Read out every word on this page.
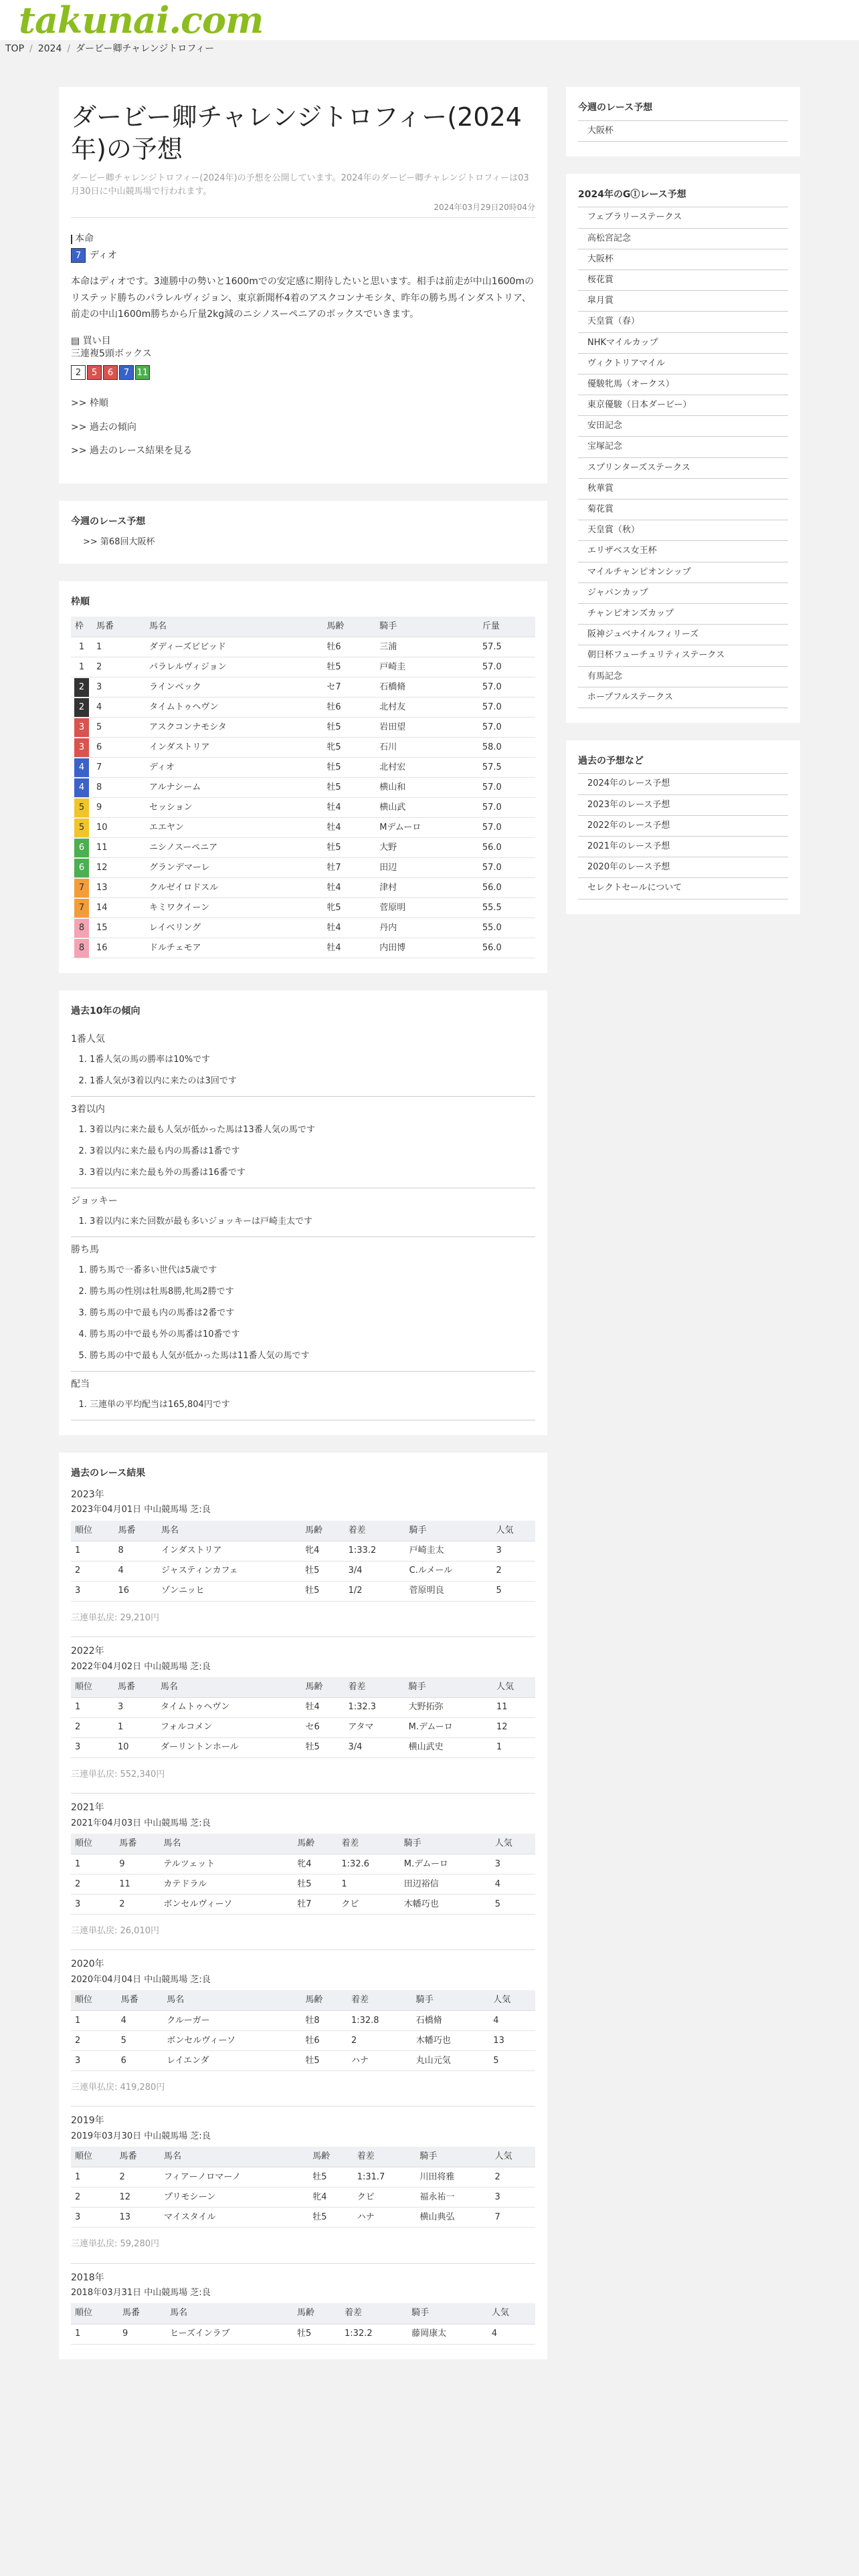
takunai.com
TOP / 2024 / ダービー卿チャレンジトロフィー
ダービー卿チャレンジトロフィー(2024年)の予想
ダービー卿チャレンジトロフィー(2024年)の予想を公開しています。2024年のダービー卿チャレンジトロフィーは03月30日に中山競馬場で行われます。
2024年03月29日20時04分
本命
7 ディオ
本命はディオです。3連勝中の勢いと1600mでの安定感に期待したいと思います。相手は前走が中山1600mのリステッド勝ちのパラレルヴィジョン、東京新聞杯4着のアスクコンナモシタ、昨年の勝ち馬インダストリア、前走の中山1600m勝ちから斤量2kg減のニシノスーペニアのボックスでいきます。
▤ 買い目
三連複5頭ボックス
2	5	6	7 11
>> 枠順
>> 過去の傾向
>> 過去のレース結果を見る
今週のレース予想
>> 第68回大阪杯
枠順
枠	馬番	馬名	馬齢	騎手	斤量
1	1	ダディーズビビッド	牡6	三浦	57.5
1	2	パラレルヴィジョン	牡5	戸崎圭	57.0
2	3	ラインベック	セ7	石橋脩	57.0
2	4	タイムトゥヘヴン	牡6	北村友	57.0
3	5	アスクコンナモシタ	牡5	岩田望	57.0
3	6	インダストリア	牝5	石川	58.0
4	7	ディオ	牡5	北村宏	57.5
4	8	アルナシーム	牡5	横山和	57.0
5	9	セッション	牡4	横山武	57.0
5	10	エエヤン	牡4	Mデムーロ	57.0
6	11	ニシノスーペニア	牡5	大野	56.0
6	12	グランデマーレ	牡7	田辺	57.0
7	13	クルゼイロドスル	牡4	津村	56.0
7	14	キミワクイーン	牝5	菅原明	55.5
8	15	レイベリング	牡4	丹内	55.0
8	16	ドルチェモア	牡4	内田博	56.0
過去10年の傾向
1番人気
1. 1番人気の馬の勝率は10%です
2. 1番人気が3着以内に来たのは3回です
3着以内
1. 3着以内に来た最も人気が低かった馬は13番人気の馬です
2. 3着以内に来た最も内の馬番は1番です
3. 3着以内に来た最も外の馬番は16番です
ジョッキー
1. 3着以内に来た回数が最も多いジョッキーは戸崎圭太です
勝ち馬
1. 勝ち馬で一番多い世代は5歳です
2. 勝ち馬の性別は牡馬8勝,牝馬2勝です
3. 勝ち馬の中で最も内の馬番は2番です
4. 勝ち馬の中で最も外の馬番は10番です
5. 勝ち馬の中で最も人気が低かった馬は11番人気の馬です
配当
1. 三連単の平均配当は165,804円です
過去のレース結果
2023年
2023年04月01日 中山競馬場 芝:良
順位	馬番	馬名	馬齢	着差	騎手	人気
1	8	インダストリア	牝4	1:33.2	戸崎圭太	3
2	4	ジャスティンカフェ	牡5	3/4	C.ルメール	2
3	16	ゾンニッヒ	牡5	1/2	菅原明良	5
三連単払戻: 29,210円
2022年
2022年04月02日 中山競馬場 芝:良
順位	馬番	馬名	馬齢	着差	騎手	人気
1	3	タイムトゥヘヴン	牡4	1:32.3	大野拓弥	11
2	1	フォルコメン	セ6	アタマ	M.デムーロ	12
3	10	ダーリントンホール	牡5	3/4	横山武史	1
三連単払戻: 552,340円
2021年
2021年04月03日 中山競馬場 芝:良
順位	馬番	馬名	馬齢	着差	騎手	人気
1	9	テルツェット	牝4	1:32.6	M.デムーロ	3
2	11	カテドラル	牡5	1	田辺裕信	4
3	2	ボンセルヴィーソ	牡7	クビ	木幡巧也	5
三連単払戻: 26,010円
2020年
2020年04月04日 中山競馬場 芝:良
順位	馬番	馬名	馬齢	着差	騎手	人気
1	4	クルーガー	牡8	1:32.8	石橋脩	4
2	5	ボンセルヴィーソ	牡6	2	木幡巧也	13
3	6	レイエンダ	牡5	ハナ	丸山元気	5
三連単払戻: 419,280円
2019年
2019年03月30日 中山競馬場 芝:良
順位	馬番	馬名	馬齢	着差	騎手	人気
1	2	フィアーノロマーノ	牡5	1:31.7	川田将雅	2
2	12	プリモシーン	牝4	クビ	福永祐一	3
3	13	マイスタイル	牡5	ハナ	横山典弘	7
三連単払戻: 59,280円
2018年
2018年03月31日 中山競馬場 芝:良
順位	馬番	馬名	馬齢	着差	騎手	人気
1	9	ヒーズインラブ	牡5	1:32.2	藤岡康太	4
今週のレース予想
大阪杯
2024年のGⒾレース予想
フェブラリーステークス
高松宮記念
大阪杯
桜花賞
皐月賞
天皇賞（春）
NHKマイルカップ
ヴィクトリアマイル
優駿牝馬（オークス）
東京優駿（日本ダービー）
安田記念
宝塚記念
スプリンターズステークス
秋華賞
菊花賞
天皇賞（秋）
エリザベス女王杯
マイルチャンピオンシップ
ジャパンカップ
チャンピオンズカップ
阪神ジュベナイルフィリーズ
朝日杯フューチュリティステークス
有馬記念
ホープフルステークス
過去の予想など
2024年のレース予想
2023年のレース予想
2022年のレース予想
2021年のレース予想
2020年のレース予想
セレクトセールについて
